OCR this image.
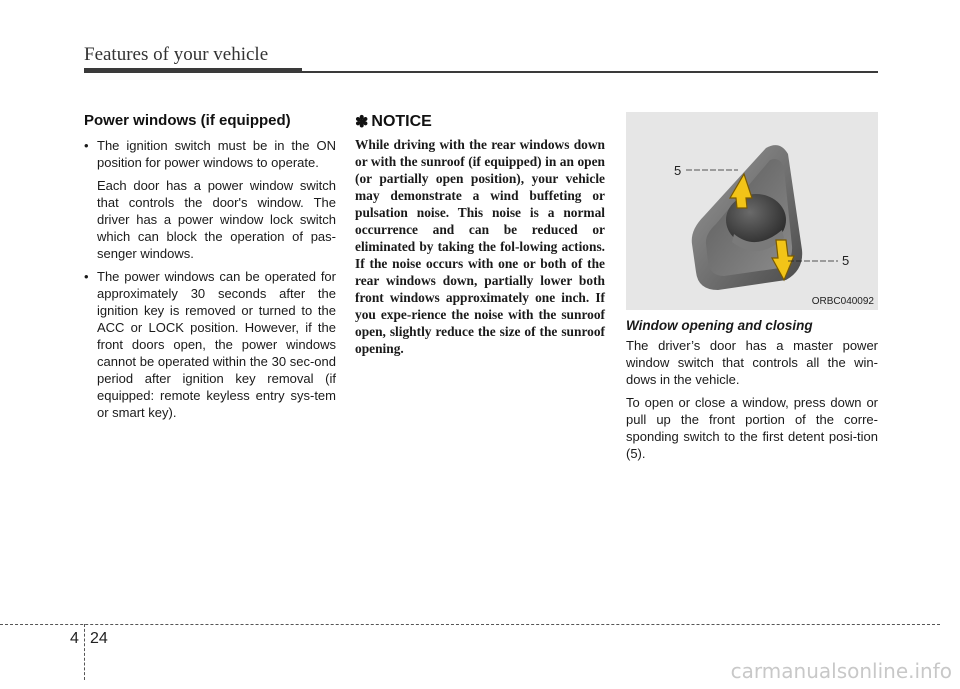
Features of your vehicle
Power windows (if equipped)
• The ignition switch must be in the ON position for power windows to operate.

Each door has a power window switch that controls the door's window. The driver has a power window lock switch which can block the operation of pas-senger windows.

• The power windows can be operated for approximately 30 seconds after the ignition key is removed or turned to the ACC or LOCK position. However, if the front doors open, the power windows cannot be operated within the 30 sec-ond period after ignition key removal (if equipped: remote keyless entry sys-tem or smart key).

✽ NOTICE

While driving with the rear windows down or with the sunroof (if equipped) in an open (or partially open position), your vehicle may demonstrate a wind buffeting or pulsation noise. This noise is a normal occurrence and can be reduced or eliminated by taking the fol-lowing actions. If the noise occurs with one or both of the rear windows down, partially lower both front windows approximately one inch. If you expe-rience the noise with the sunroof open, slightly reduce the size of the sunroof opening.

5
5
ORBC040092
Window opening and closing

The driver’s door has a master power window switch that controls all the win-dows in the vehicle.

To open or close a window, press down or pull up the front portion of the corre-sponding switch to the first detent posi-tion (5).

4 24
carmanualsonline.info
